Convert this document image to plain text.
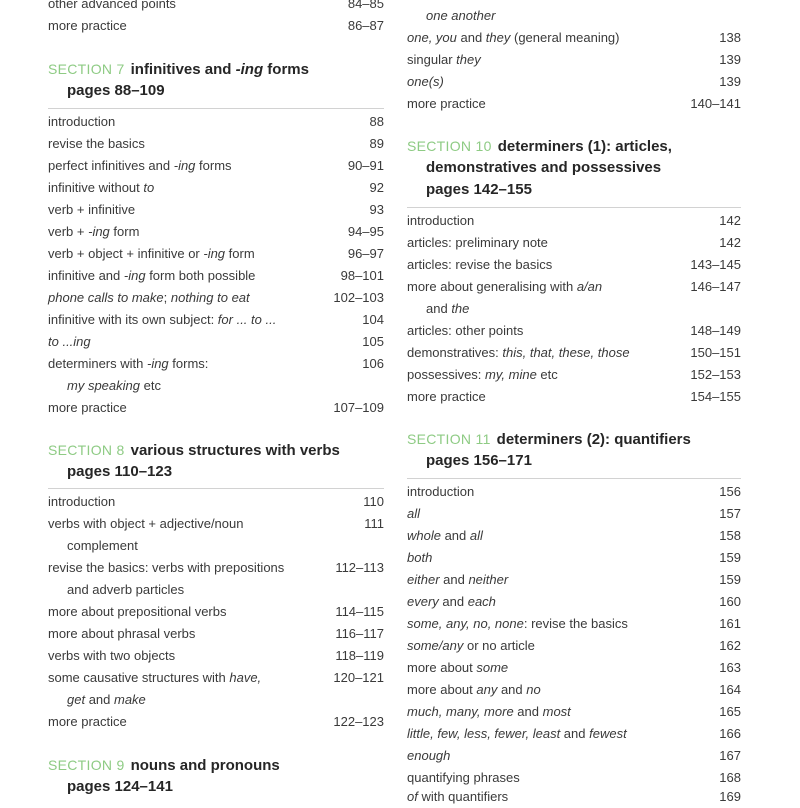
other advanced points	84–85
more practice	86–87
SECTION 7 infinitives and -ing forms
pages 88–109
introduction	88
revise the basics	89
perfect infinitives and -ing forms	90–91
infinitive without to	92
verb + infinitive	93
verb + -ing form	94–95
verb + object + infinitive or -ing form	96–97
infinitive and -ing form both possible	98–101
phone calls to make; nothing to eat	102–103
infinitive with its own subject: for ... to ...	104
to ...ing	105
determiners with -ing forms:	106
my speaking etc
more practice	107–109
SECTION 8 various structures with verbs
pages 110–123
introduction	110
verbs with object + adjective/noun	111
complement
revise the basics: verbs with prepositions	112–113
and adverb particles
more about prepositional verbs	114–115
more about phrasal verbs	116–117
verbs with two objects	118–119
some causative structures with have,	120–121
get and make
more practice	122–123
SECTION 9 nouns and pronouns
pages 124–141
one another
one, you and they (general meaning)	138
singular they	139
one(s)	139
more practice	140–141
SECTION 10 determiners (1): articles,
demonstratives and possessives
pages 142–155
introduction	142
articles: preliminary note	142
articles: revise the basics	143–145
more about generalising with a/an	146–147
and the
articles: other points	148–149
demonstratives: this, that, these, those	150–151
possessives: my, mine etc	152–153
more practice	154–155
SECTION 11 determiners (2): quantifiers
pages 156–171
introduction	156
all	157
whole and all	158
both	159
either and neither	159
every and each	160
some, any, no, none: revise the basics	161
some/any or no article	162
more about some	163
more about any and no	164
much, many, more and most	165
little, few, less, fewer, least and fewest	166
enough	167
quantifying phrases	168
of with quantifiers	169
